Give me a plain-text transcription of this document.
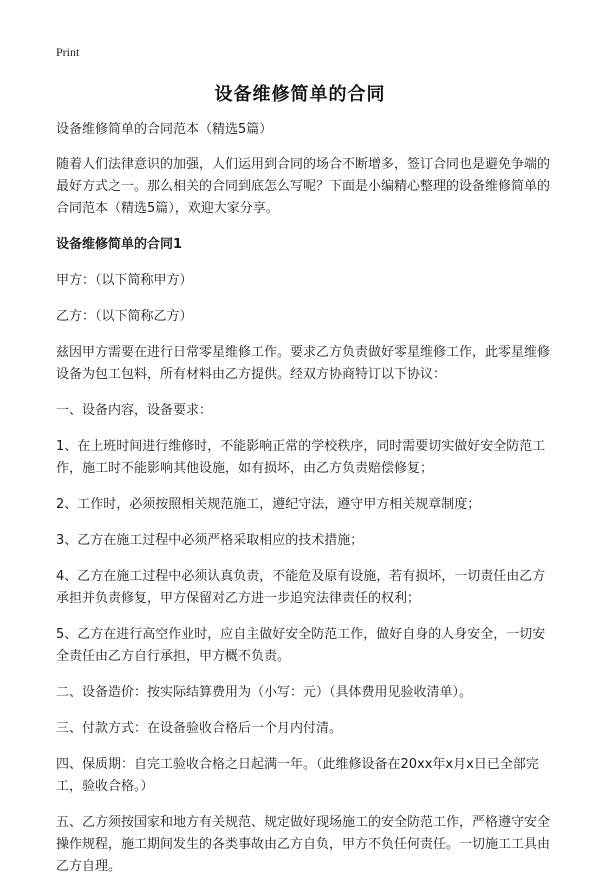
Print
设备维修简单的合同

设备维修简单的合同范本（精选5篇）

随着人们法律意识的加强，人们运用到合同的场合不断增多，签订合同也是避免争端的最好方式之一。那么相关的合同到底怎么写呢？下面是小编精心整理的设备维修简单的合同范本（精选5篇），欢迎大家分享。

设备维修简单的合同1

甲方：（以下简称甲方）

乙方：（以下简称乙方）

兹因甲方需要在进行日常零星维修工作。要求乙方负责做好零星维修工作，此零星维修设备为包工包料，所有材料由乙方提供。经双方协商特订以下协议：

一、设备内容，设备要求：

1、在上班时间进行维修时，不能影响正常的学校秩序，同时需要切实做好安全防范工作，施工时不能影响其他设施，如有损坏，由乙方负责赔偿修复；

2、工作时，必须按照相关规范施工，遵纪守法，遵守甲方相关规章制度；

3、乙方在施工过程中必须严格采取相应的技术措施；

4、乙方在施工过程中必须认真负责，不能危及原有设施，若有损坏，一切责任由乙方承担并负责修复，甲方保留对乙方进一步追究法律责任的权利；

5、乙方在进行高空作业时，应自主做好安全防范工作，做好自身的人身安全，一切安全责任由乙方自行承担，甲方概不负责。

二、设备造价：按实际结算费用为（小写：元）（具体费用见验收清单）。

三、付款方式：在设备验收合格后一个月内付清。

四、保质期：自完工验收合格之日起满一年。（此维修设备在20xx年x月x日已全部完工，验收合格。）

五、乙方须按国家和地方有关规范、规定做好现场施工的安全防范工作，严格遵守安全操作规程，施工期间发生的各类事故由乙方自负，甲方不负任何责任。一切施工工具由乙方自理。
